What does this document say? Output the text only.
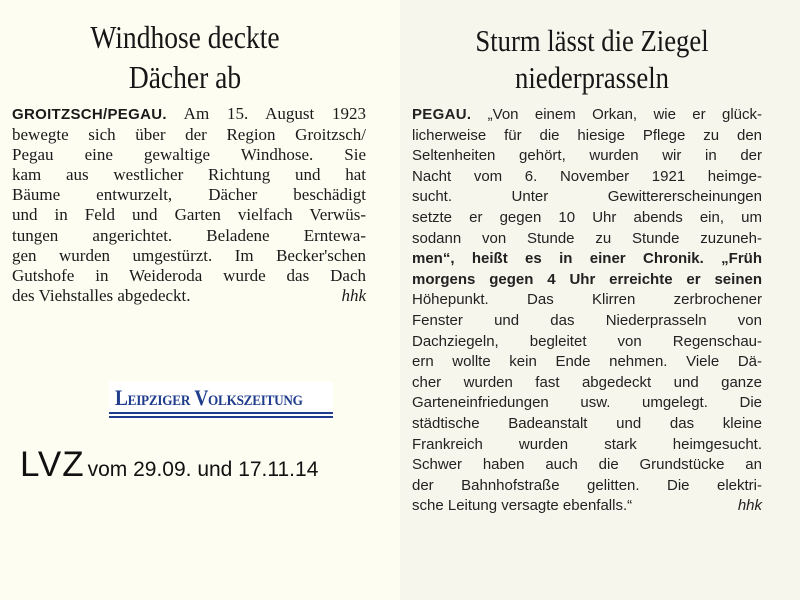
Windhose deckte
Dächer ab
GROITZSCH/PEGAU. Am 15. August 1923
bewegte sich über der Region Groitzsch/
Pegau eine gewaltige Windhose. Sie
kam aus westlicher Richtung und hat
Bäume entwurzelt, Dächer beschädigt
und in Feld und Garten vielfach Verwüs-
tungen angerichtet. Beladene Erntewa-
gen wurden umgestürzt. Im Becker'schen
Gutshofe in Weideroda wurde das Dach
des Viehstalles abgedeckt.	hhk
Leipziger Volkszeitung
LVZ vom 29.09. und 17.11.14
Sturm lässt die Ziegel
niederprasseln
PEGAU. „Von einem Orkan, wie er glück-
licherweise für die hiesige Pflege zu den
Seltenheiten gehört, wurden wir in der
Nacht vom 6. November 1921 heimge-
sucht. Unter Gewittererscheinungen
setzte er gegen 10 Uhr abends ein, um
sodann von Stunde zu Stunde zuzuneh-
men“, heißt es in einer Chronik. „Früh
morgens gegen 4 Uhr erreichte er seinen
Höhepunkt. Das Klirren zerbrochener
Fenster und das Niederprasseln von
Dachziegeln, begleitet von Regenschau-
ern wollte kein Ende nehmen. Viele Dä-
cher wurden fast abgedeckt und ganze
Garteneinfriedungen usw. umgelegt. Die
städtische Badeanstalt und das kleine
Frankreich wurden stark heimgesucht.
Schwer haben auch die Grundstücke an
der Bahnhofstraße gelitten. Die elektri-
sche Leitung versagte ebenfalls.“	hhk
